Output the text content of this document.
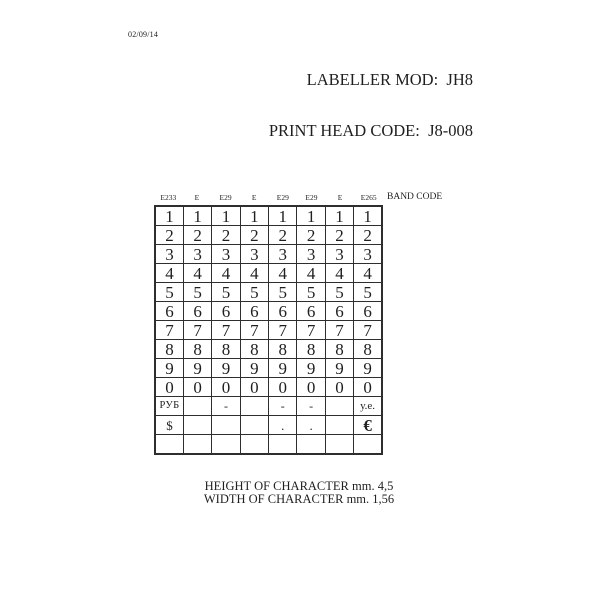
02/09/14

LABELLER MOD:  JH8

PRINT HEAD CODE:  J8-008

E233	E	E29	E	E29	E29	E	E265	BAND CODE
1	1	1	1	1	1	1	1
2	2	2	2	2	2	2	2
3	3	3	3	3	3	3	3
4	4	4	4	4	4	4	4
5	5	5	5	5	5	5	5
6	6	6	6	6	6	6	6
7	7	7	7	7	7	7	7
8	8	8	8	8	8	8	8
9	9	9	9	9	9	9	9
0	0	0	0	0	0	0	0
РУБ		-		-	-		у.е.
$				.	.		€

HEIGHT OF CHARACTER mm. 4,5
WIDTH OF CHARACTER mm. 1,56
